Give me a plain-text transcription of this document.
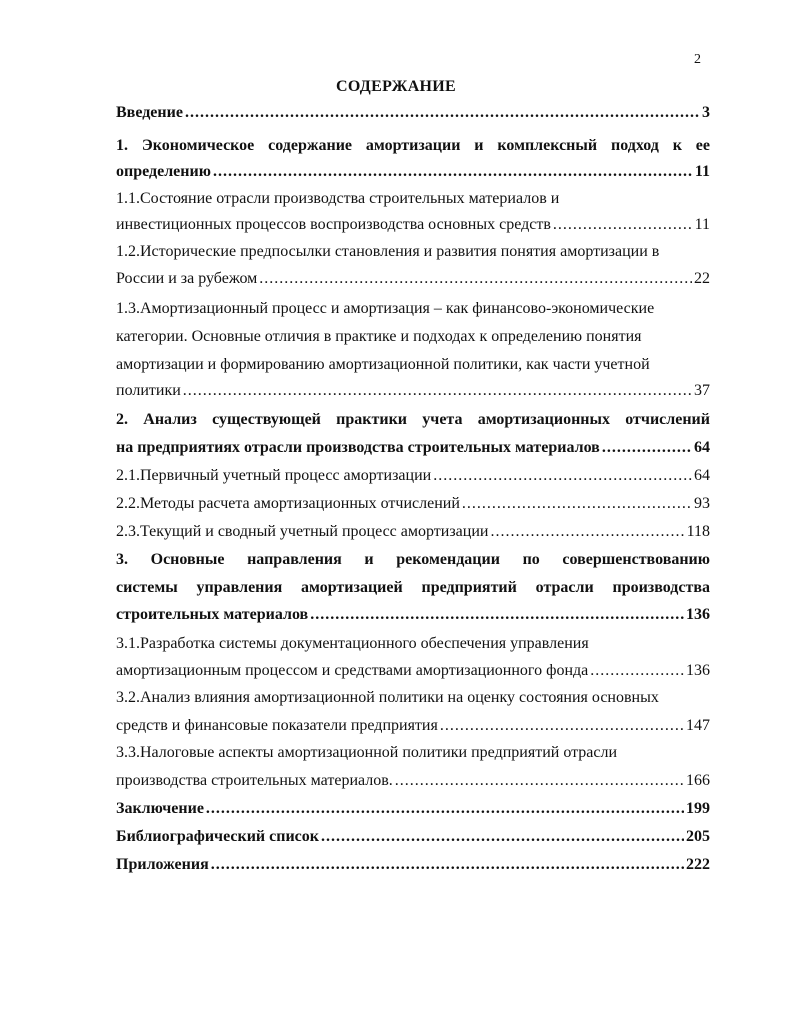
2
СОДЕРЖАНИЕ
Введение .....	3
1. Экономическое содержание амортизации и комплексный подход к ее
определению .....	11
1.1.Состояние отрасли производства строительных материалов и
инвестиционных процессов воспроизводства основных средств .....	11
1.2.Исторические предпосылки становления и развития понятия амортизации в
России и за рубежом .....	22
1.3.Амортизационный процесс и амортизация – как финансово-экономические
категории. Основные отличия в практике и подходах к определению понятия
амортизации и формированию амортизационной политики, как части учетной
политики .....	37
2. Анализ существующей практики учета амортизационных отчислений
на предприятиях отрасли производства строительных материалов .....	64
2.1.Первичный учетный процесс амортизации .....	64
2.2.Методы расчета амортизационных отчислений .....	93
2.3.Текущий и сводный учетный процесс амортизации .....	118
3. Основные направления и рекомендации по совершенствованию
системы управления амортизацией предприятий отрасли производства
строительных материалов .....	136
3.1.Разработка системы документационного обеспечения управления
амортизационным процессом и средствами амортизационного фонда .....	136
3.2.Анализ влияния амортизационной политики на оценку состояния основных
средств и финансовые показатели предприятия .....	147
3.3.Налоговые аспекты амортизационной политики предприятий отрасли
производства строительных материалов. .....	166
Заключение .....	199
Библиографический список .....	205
Приложения .....	222
